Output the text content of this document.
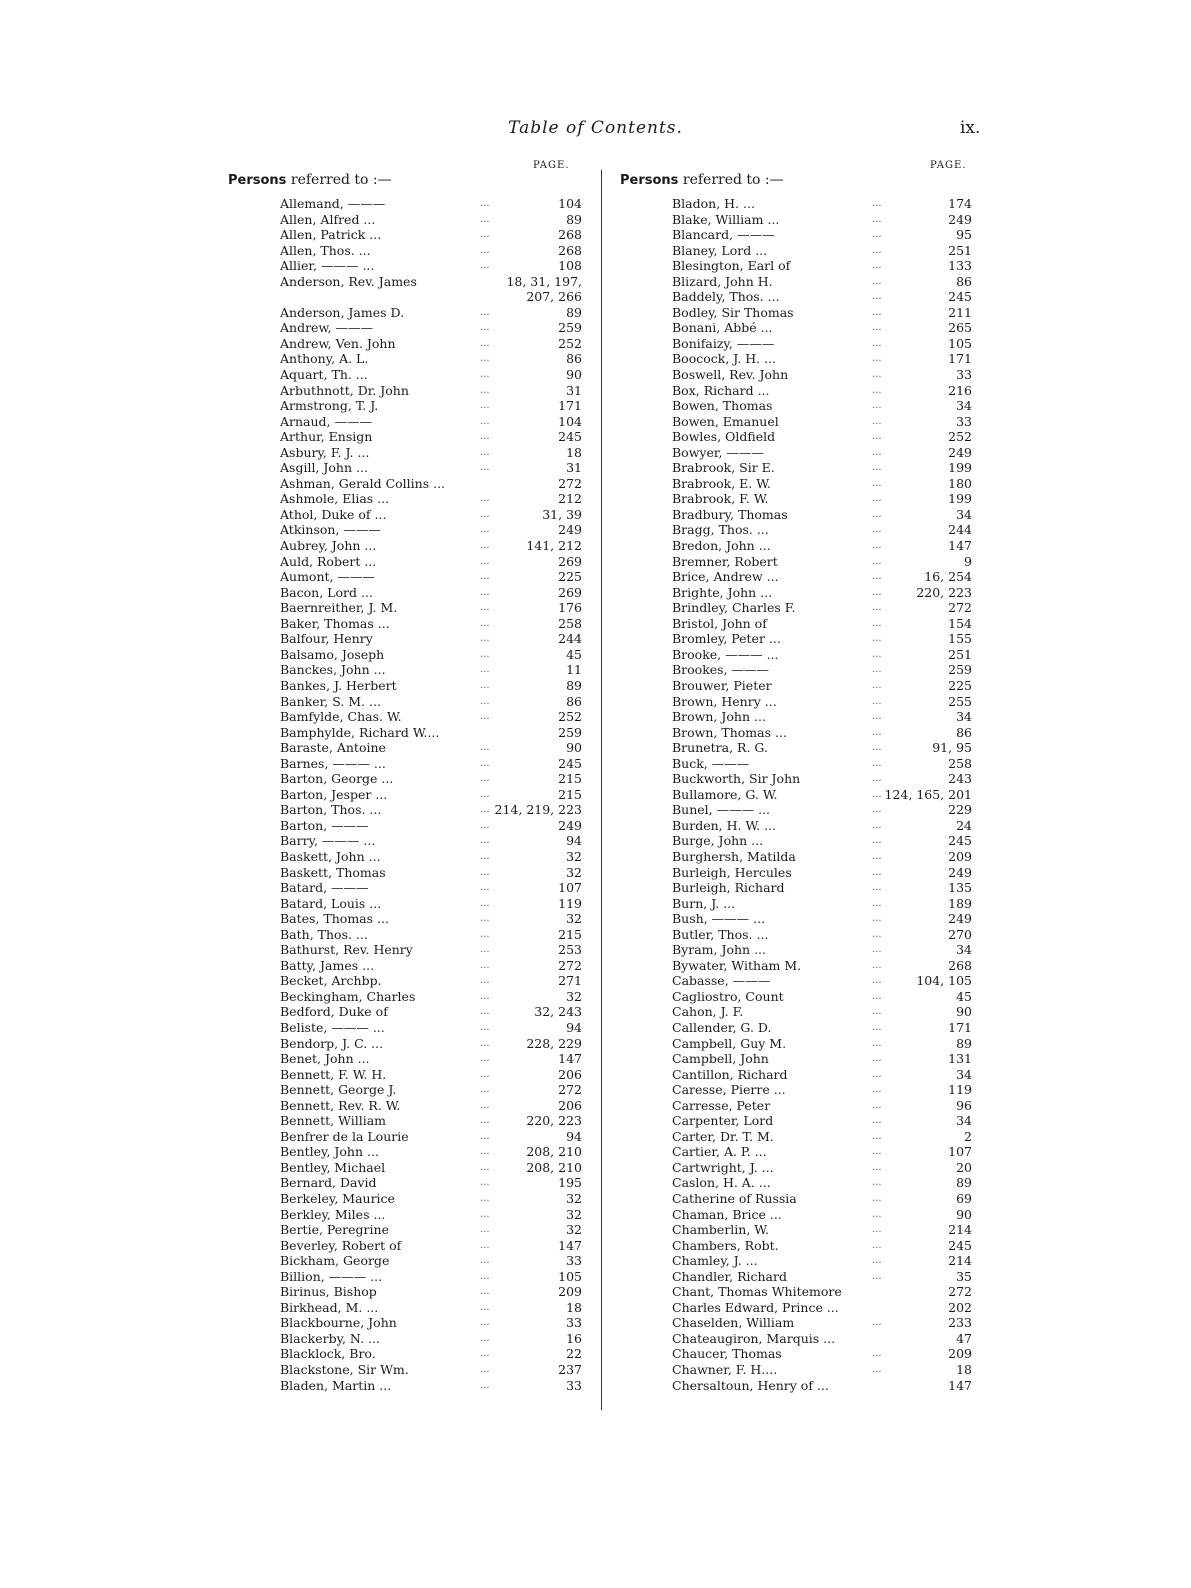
Table of Contents.	ix.
PAGE.
Persons referred to :—
Allemand, ———	...	104
Allen, Alfred ...	...	89
Allen, Patrick ...	...	268
Allen, Thos. ...	...	268
Allier, ——— ...	...	108
Anderson, Rev. James	18, 31, 197,
207, 266
Anderson, James D.	...	89
Andrew, ———	...	259
Andrew, Ven. John	...	252
Anthony, A. L.	...	86
Aquart, Th. ...	...	90
Arbuthnott, Dr. John	...	31
Armstrong, T. J.	...	171
Arnaud, ———	...	104
Arthur, Ensign	...	245
Asbury, F. J. ...	...	18
Asgill, John ...	...	31
Ashman, Gerald Collins ...	272
Ashmole, Elias ...	...	212
Athol, Duke of ...	...	31, 39
Atkinson, ———	...	249
Aubrey, John ...	...	141, 212
Auld, Robert ...	...	269
Aumont, ———	...	225
Bacon, Lord ...	...	269
Baernreither, J. M.	...	176
Baker, Thomas ...	...	258
Balfour, Henry	...	244
Balsamo, Joseph	...	45
Banckes, John ...	...	11
Bankes, J. Herbert	...	89
Banker, S. M. ...	...	86
Bamfylde, Chas. W.	...	252
Bamphylde, Richard W....	259
Baraste, Antoine	...	90
Barnes, ——— ...	...	245
Barton, George ...	...	215
Barton, Jesper ...	...	215
Barton, Thos. ...	... 214, 219, 223
Barton, ———	...	249
Barry, ——— ...	...	94
Baskett, John ...	...	32
Baskett, Thomas	...	32
Batard, ———	...	107
Batard, Louis ...	...	119
Bates, Thomas ...	...	32
Bath, Thos. ...	...	215
Bathurst, Rev. Henry	...	253
Batty, James ...	...	272
Becket, Archbp.	...	271
Beckingham, Charles	...	32
Bedford, Duke of	...	32, 243
Beliste, ——— ...	...	94
Bendorp, J. C. ...	...	228, 229
Benet, John ...	...	147
Bennett, F. W. H.	...	206
Bennett, George J.	...	272
Bennett, Rev. R. W.	...	206
Bennett, William	...	220, 223
Benfrer de la Lourie	...	94
Bentley, John ...	...	208, 210
Bentley, Michael	...	208, 210
Bernard, David	...	195
Berkeley, Maurice	...	32
Berkley, Miles ...	...	32
Bertie, Peregrine	...	32
Beverley, Robert of	...	147
Bickham, George	...	33
Billion, ——— ...	...	105
Birinus, Bishop	...	209
Birkhead, M. ...	...	18
Blackbourne, John	...	33
Blackerby, N. ...	...	16
Blacklock, Bro.	...	22
Blackstone, Sir Wm.	...	237
Bladen, Martin ...	...	33
PAGE.
Persons referred to :—
Bladon, H. ...	...	174
Blake, William ...	...	249
Blancard, ———	...	95
Blaney, Lord ...	...	251
Blesington, Earl of	...	133
Blizard, John H.	...	86
Baddely, Thos. ...	...	245
Bodley, Sir Thomas	...	211
Bonani, Abbé ...	...	265
Bonifaizy, ———	...	105
Boocock, J. H. ...	...	171
Boswell, Rev. John	...	33
Box, Richard ...	...	216
Bowen, Thomas	...	34
Bowen, Emanuel	...	33
Bowles, Oldfield	...	252
Bowyer, ———	...	249
Brabrook, Sir E.	...	199
Brabrook, E. W.	...	180
Brabrook, F. W.	...	199
Bradbury, Thomas	...	34
Bragg, Thos. ...	...	244
Bredon, John ...	...	147
Bremner, Robert	...	9
Brice, Andrew ...	...	16, 254
Brighte, John ...	...	220, 223
Brindley, Charles F.	...	272
Bristol, John of	...	154
Bromley, Peter ...	...	155
Brooke, ——— ...	...	251
Brookes, ———	...	259
Brouwer, Pieter	...	225
Brown, Henry ...	...	255
Brown, John ...	...	34
Brown, Thomas ...	...	86
Brunetra, R. G.	...	91, 95
Buck, ———	...	258
Buckworth, Sir John	...	243
Bullamore, G. W.	... 124, 165, 201
Bunel, ——— ...	...	229
Burden, H. W. ...	...	24
Burge, John ...	...	245
Burghersh, Matilda	...	209
Burleigh, Hercules	...	249
Burleigh, Richard	...	135
Burn, J. ...	...	189
Bush, ——— ...	...	249
Butler, Thos. ...	...	270
Byram, John ...	...	34
Bywater, Witham M.	...	268
Cabasse, ———	...	104, 105
Cagliostro, Count	...	45
Cahon, J. F.	...	90
Callender, G. D.	...	171
Campbell, Guy M.	...	89
Campbell, John	...	131
Cantillon, Richard	...	34
Caresse, Pierre ...	...	119
Carresse, Peter	...	96
Carpenter, Lord	...	34
Carter, Dr. T. M.	...	2
Cartier, A. P. ...	...	107
Cartwright, J. ...	...	20
Caslon, H. A. ...	...	89
Catherine of Russia	...	69
Chaman, Brice ...	...	90
Chamberlin, W.	...	214
Chambers, Robt.	...	245
Chamley, J. ...	...	214
Chandler, Richard	...	35
Chant, Thomas Whitemore	272
Charles Edward, Prince ...	202
Chaselden, William	...	233
Chateaugiron, Marquis ...	47
Chaucer, Thomas	...	209
Chawner, F. H....	...	18
Chersaltoun, Henry of ...	147
